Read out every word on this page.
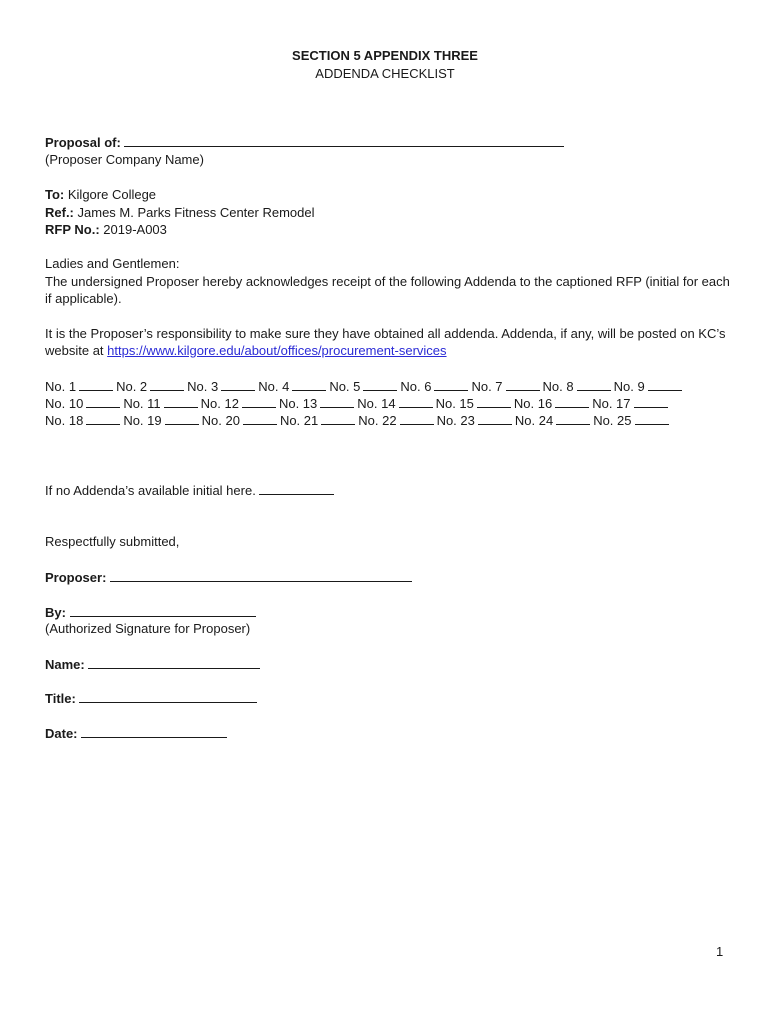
SECTION 5 APPENDIX THREE
ADDENDA CHECKLIST
Proposal of:
(Proposer Company Name)
To: Kilgore College
Ref.: James M. Parks Fitness Center Remodel
RFP No.: 2019-A003
Ladies and Gentlemen:
The undersigned Proposer hereby acknowledges receipt of the following Addenda to the captioned RFP (initial for each
if applicable).
It is the Proposer’s responsibility to make sure they have obtained all addenda. Addenda, if any, will be posted on KC’s
website at https://www.kilgore.edu/about/offices/procurement-services
No. 1	No. 2	No. 3	No. 4	No. 5	No. 6	No. 7	No. 8	No. 9
No. 10	No. 11	No. 12	No. 13	No. 14	No. 15	No. 16	No. 17
No. 18	No. 19	No. 20	No. 21	No. 22	No. 23	No. 24	No. 25
If no Addenda’s available initial here.
Respectfully submitted,
Proposer:
By:
(Authorized Signature for Proposer)
Name:
Title:
Date:
1
